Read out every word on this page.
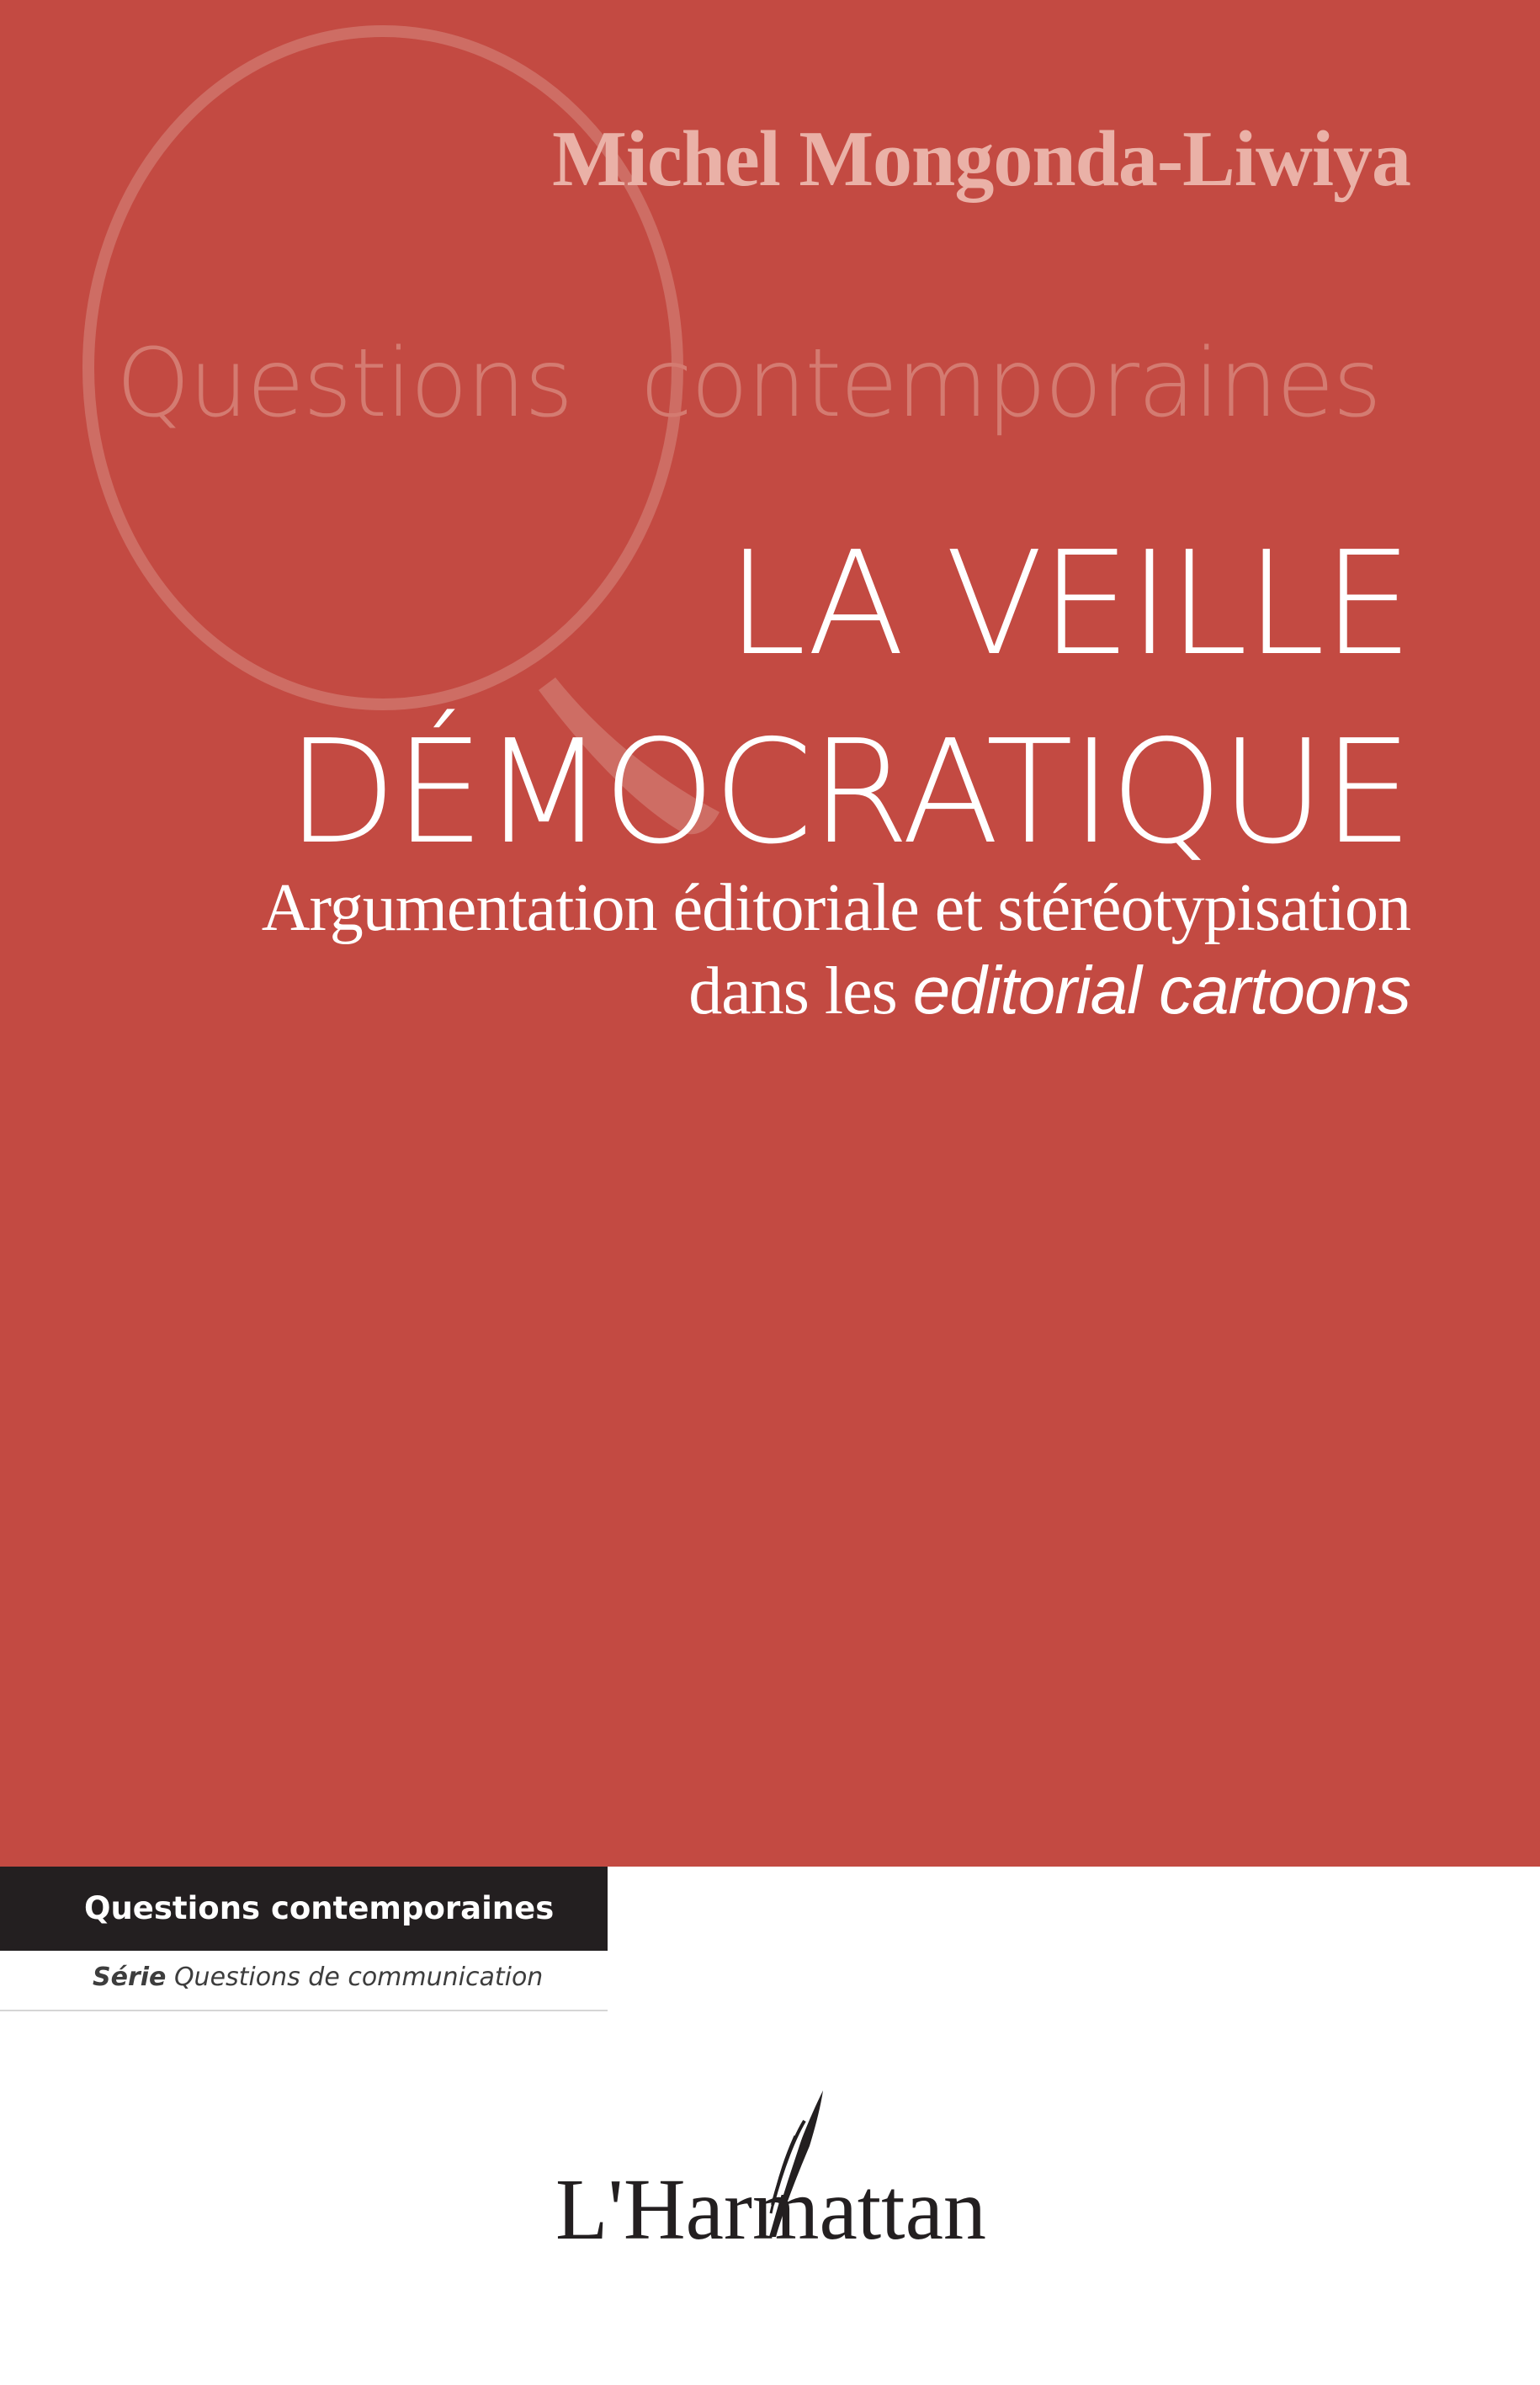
Michel Mongonda-Liwiya
Questions contemporaines
LA VEILLE
DÉMOCRATIQUE
Argumentation éditoriale et stéréotypisation
dans les editorial cartoons
Questions contemporaines
Série Questions de communication
L'Harmattan
